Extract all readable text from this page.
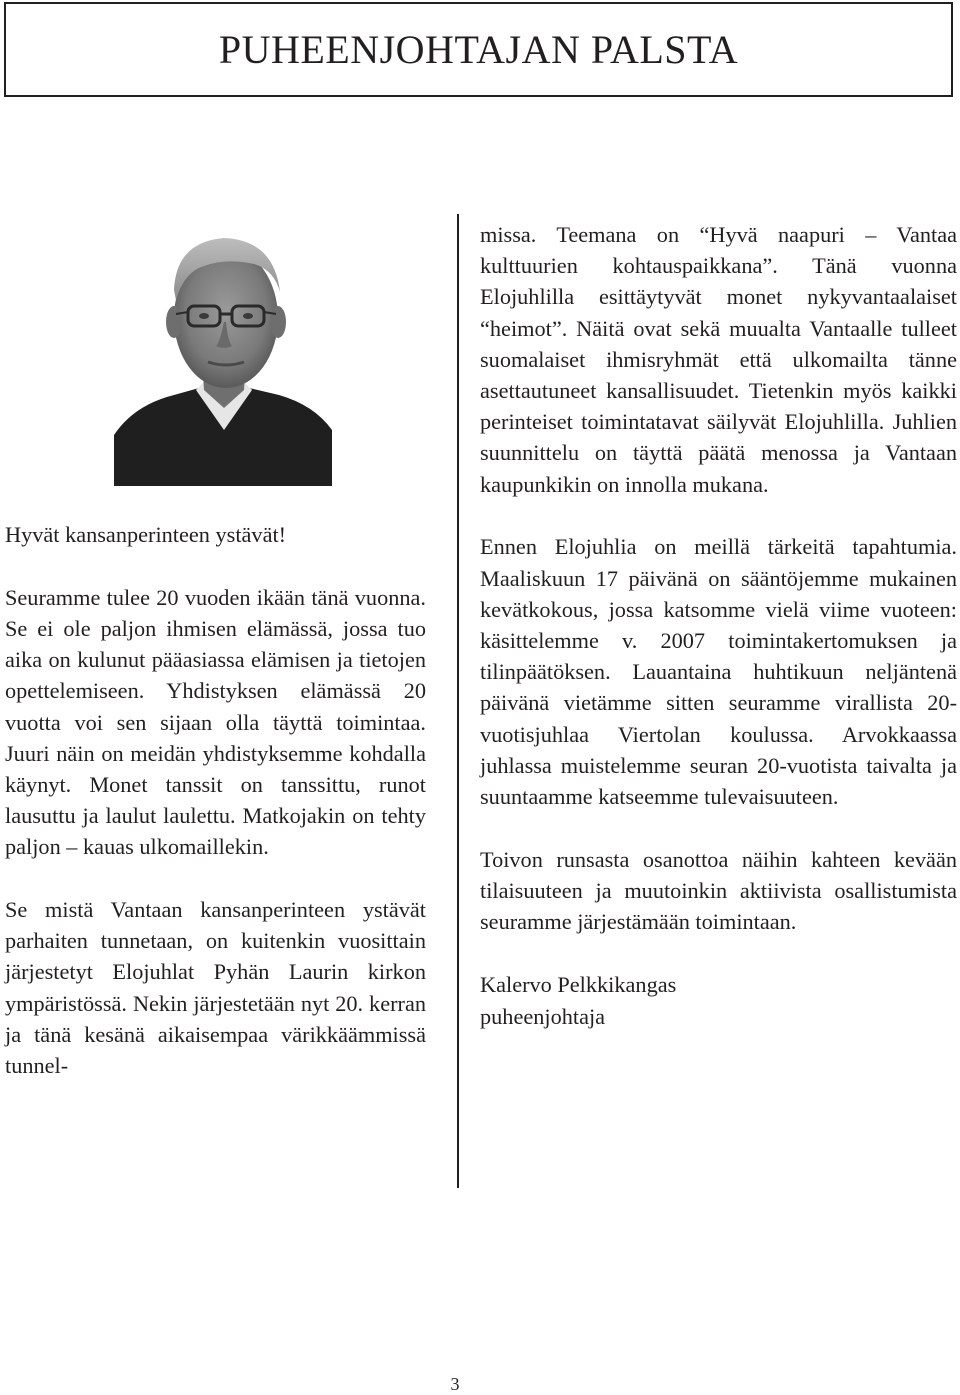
PUHEENJOHTAJAN PALSTA

Hyvät kansanperinteen ystävät!

Seuramme tulee 20 vuoden ikään tänä vuonna. Se ei ole paljon ihmisen elämässä, jossa tuo aika on kulunut pääasiassa elämisen ja tietojen opettelemiseen. Yhdistyksen elämässä 20 vuotta voi sen sijaan olla täyttä toimintaa. Juuri näin on meidän yhdistyksemme kohdalla käynyt. Monet tanssit on tanssittu, runot lausuttu ja laulut laulettu. Matkojakin on tehty paljon – kauas ulkomaillekin.

Se mistä Vantaan kansanperinteen ystävät parhaiten tunnetaan, on kuitenkin vuosittain järjestetyt Elojuhlat Pyhän Laurin kirkon ympäristössä. Nekin järjestetään nyt 20. kerran ja tänä kesänä aikaisempaa värikkäämmissä tunnel-

missa. Teemana on “Hyvä naapuri – Vantaa kulttuurien kohtauspaikkana”. Tänä vuonna Elojuhlilla esittäytyvät monet nykyvantaalaiset “heimot”. Näitä ovat sekä muualta Vantaalle tulleet suomalaiset ihmisryhmät että ulkomailta tänne asettautuneet kansallisuudet. Tietenkin myös kaikki perinteiset toimintatavat säilyvät Elojuhlilla. Juhlien suunnittelu on täyttä päätä menossa ja Vantaan kaupunkikin on innolla mukana.

Ennen Elojuhlia on meillä tärkeitä tapahtumia. Maaliskuun 17 päivänä on sääntöjemme mukainen kevätkokous, jossa katsomme vielä viime vuoteen: käsittelemme v. 2007 toimintakertomuksen ja tilinpäätöksen. Lauantaina huhtikuun neljäntenä päivänä vietämme sitten seuramme virallista 20-vuotisjuhlaa Viertolan koulussa. Arvokkaassa juhlassa muistelemme seuran 20-vuotista taivalta ja suuntaamme katseemme tulevaisuuteen.

Toivon runsasta osanottoa näihin kahteen kevään tilaisuuteen ja muutoinkin aktiivista osallistumista seuramme järjestämään toimintaan.

Kalervo Pelkkikangas
puheenjohtaja
3
